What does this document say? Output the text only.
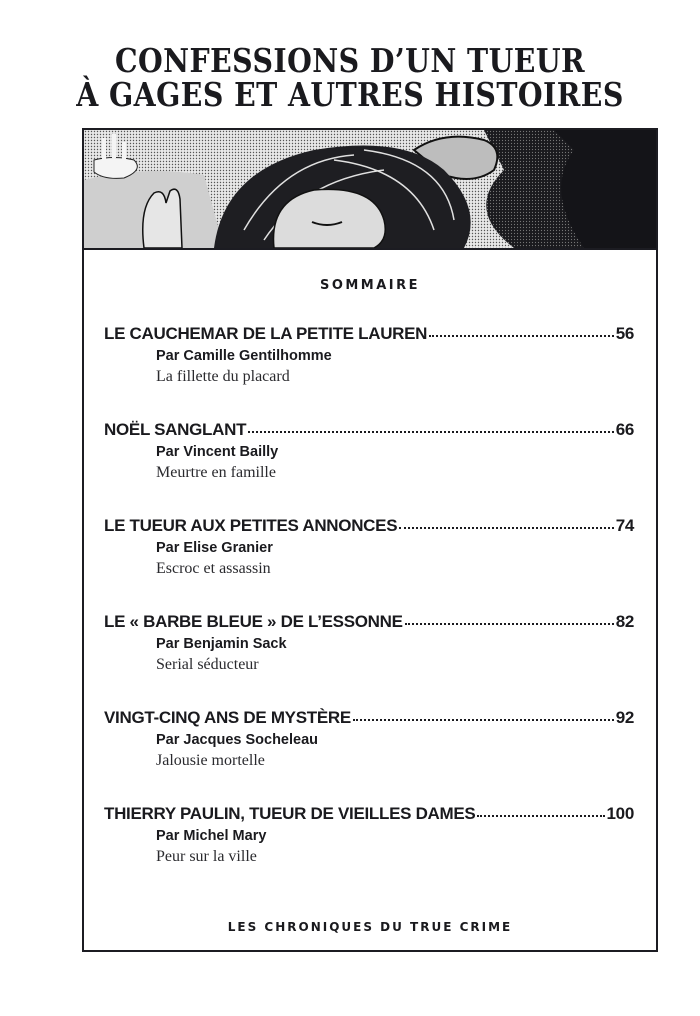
CONFESSIONS D’UN TUEUR
À GAGES ET AUTRES HISTOIRES
SOMMAIRE
LE CAUCHEMAR DE LA PETITE LAUREN	56
Par Camille Gentilhomme
La fillette du placard
NOËL SANGLANT	66
Par Vincent Bailly
Meurtre en famille
LE TUEUR AUX PETITES ANNONCES	74
Par Elise Granier
Escroc et assassin
LE « BARBE BLEUE » DE L’ESSONNE	82
Par Benjamin Sack
Serial séducteur
VINGT-CINQ ANS DE MYSTÈRE	92
Par Jacques Socheleau
Jalousie mortelle
THIERRY PAULIN, TUEUR DE VIEILLES DAMES	100
Par Michel Mary
Peur sur la ville
LES CHRONIQUES DU TRUE CRIME
